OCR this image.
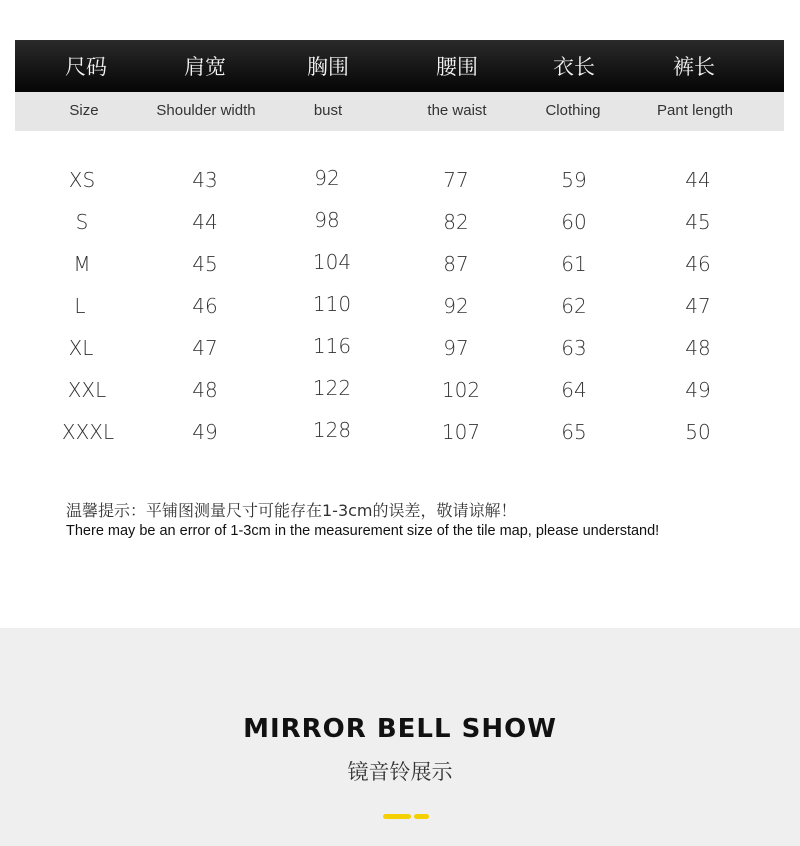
尺码	肩宽	胸围	腰围	衣长	裤长
Size	Shoulder width	bust	the waist	Clothing	Pant length
XS	43	92	77	59	44
S	44	98	82	60	45
M	45	104	87	61	46
L	46	110	92	62	47
XL	47	116	97	63	48
XXL	48	122	102	64	49
XXXL	49	128	107	65	50
温馨提示：平铺图测量尺寸可能存在1-3cm的误差，敬请谅解！
There may be an error of 1-3cm in the measurement size of the tile map, please understand!
MIRROR BELL SHOW
镜音铃展示
